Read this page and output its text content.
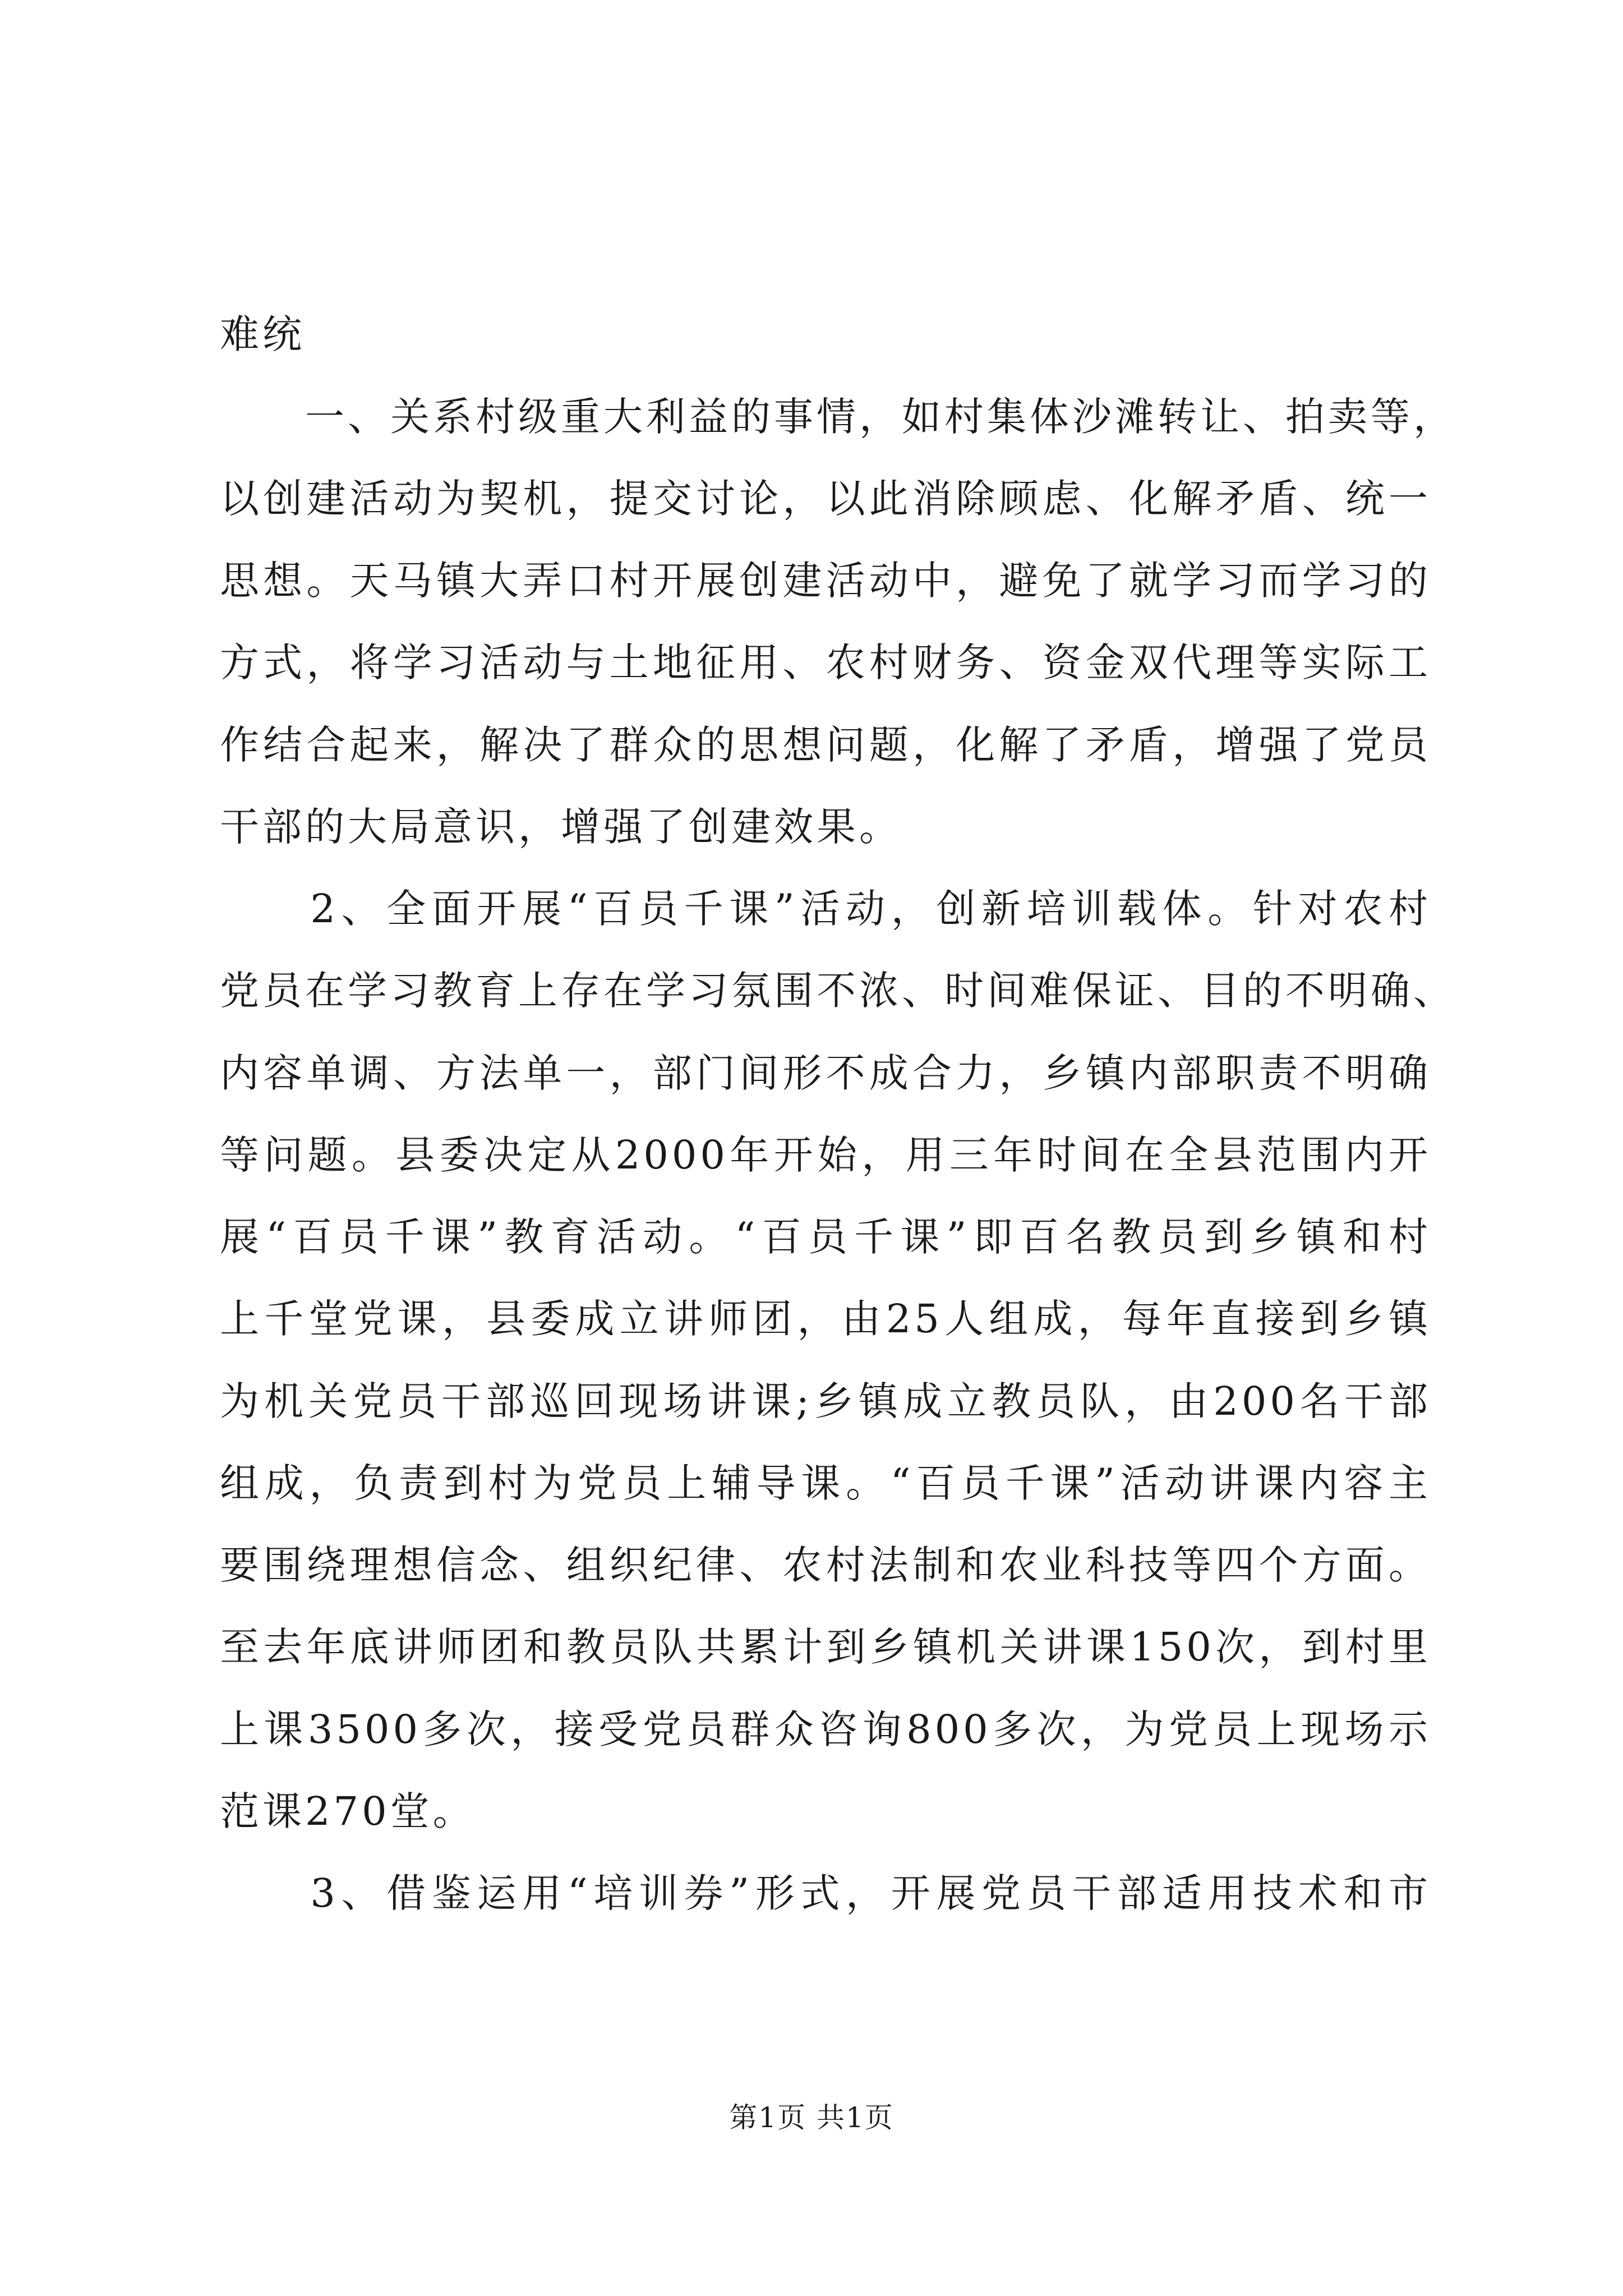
难统
　　一、关系村级重大利益的事情，如村集体沙滩转让、拍卖等，
以创建活动为契机，提交讨论，以此消除顾虑、化解矛盾、统一
思想。天马镇大弄口村开展创建活动中，避免了就学习而学习的
方式，将学习活动与土地征用、农村财务、资金双代理等实际工
作结合起来，解决了群众的思想问题，化解了矛盾，增强了党员
干部的大局意识，增强了创建效果。
　　2、全面开展“百员千课”活动，创新培训载体。针对农村
党员在学习教育上存在学习氛围不浓、时间难保证、目的不明确、
内容单调、方法单一，部门间形不成合力，乡镇内部职责不明确
等问题。县委决定从2000年开始，用三年时间在全县范围内开
展“百员千课”教育活动。“百员千课”即百名教员到乡镇和村
上千堂党课，县委成立讲师团，由25人组成，每年直接到乡镇
为机关党员干部巡回现场讲课;乡镇成立教员队，由200名干部
组成，负责到村为党员上辅导课。“百员千课”活动讲课内容主
要围绕理想信念、组织纪律、农村法制和农业科技等四个方面。
至去年底讲师团和教员队共累计到乡镇机关讲课150次，到村里
上课3500多次，接受党员群众咨询800多次，为党员上现场示
范课270堂。
　　3、借鉴运用“培训券”形式，开展党员干部适用技术和市
第1页 共1页
